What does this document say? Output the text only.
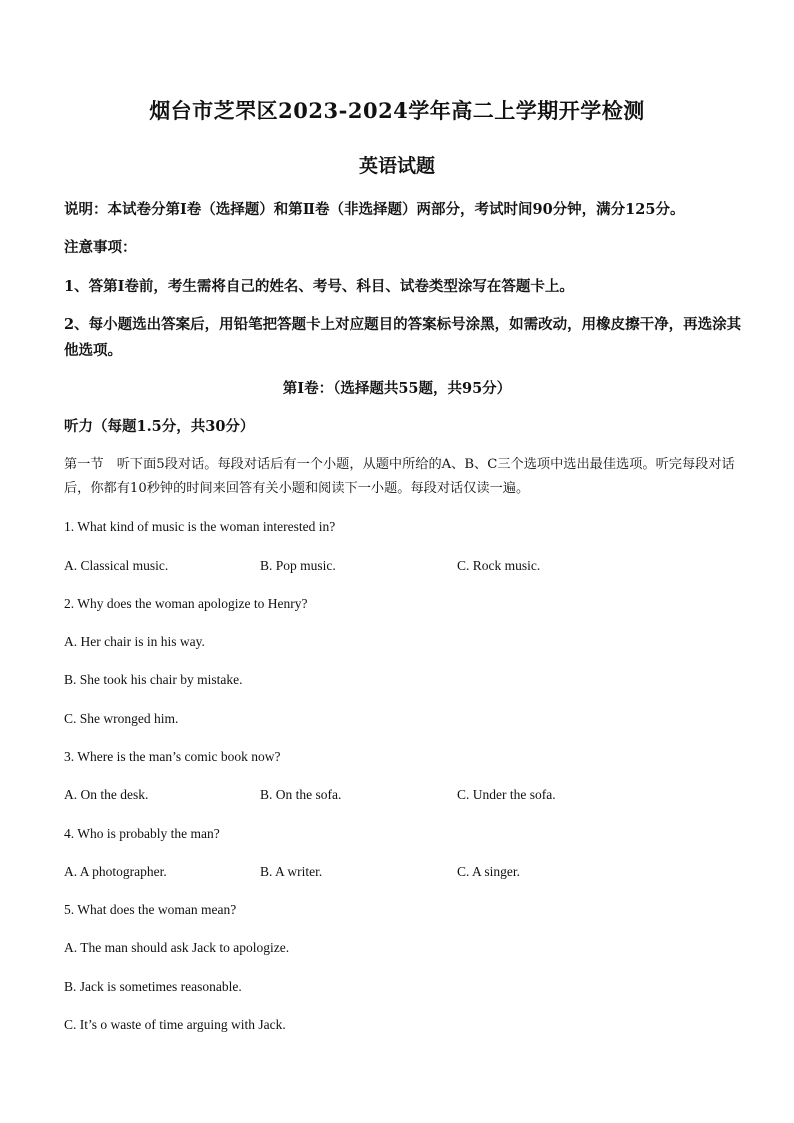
烟台市芝罘区2023-2024学年高二上学期开学检测
英语试题
说明：本试卷分第Ⅰ卷（选择题）和第Ⅱ卷（非选择题）两部分，考试时间90分钟，满分125分。
注意事项：
1、答第Ⅰ卷前，考生需将自己的姓名、考号、科目、试卷类型涂写在答题卡上。
2、每小题选出答案后，用铅笔把答题卡上对应题目的答案标号涂黑，如需改动，用橡皮擦干净，再选涂其他选项。
第Ⅰ卷：（选择题共55题，共95分）
听力（每题1.5分，共30分）
第一节　听下面5段对话。每段对话后有一个小题，从题中所给的A、B、C三个选项中选出最佳选项。听完每段对话后，你都有10秒钟的时间来回答有关小题和阅读下一小题。每段对话仅读一遍。
1. What kind of music is the woman interested in?
A. Classical music.	B. Pop music.	C. Rock music.
2. Why does the woman apologize to Henry?
A. Her chair is in his way.
B. She took his chair by mistake.
C. She wronged him.
3. Where is the man’s comic book now?
A. On the desk.	B. On the sofa.	C. Under the sofa.
4. Who is probably the man?
A. A photographer.	B. A writer.	C. A singer.
5. What does the woman mean?
A. The man should ask Jack to apologize.
B. Jack is sometimes reasonable.
C. It’s o waste of time arguing with Jack.
